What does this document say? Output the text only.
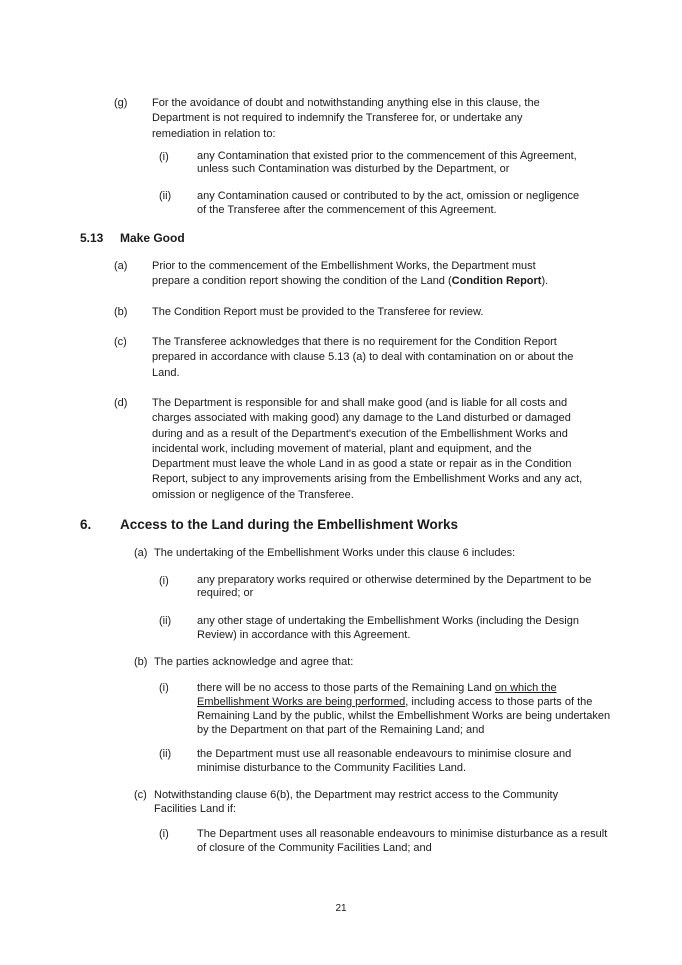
(g) For the avoidance of doubt and notwithstanding anything else in this clause, the Department is not required to indemnify the Transferee for, or undertake any remediation in relation to:

(i)	any Contamination that existed prior to the commencement of this Agreement, unless such Contamination was disturbed by the Department, or

(ii) any Contamination caused or contributed to by the act, omission or negligence of the Transferee after the commencement of this Agreement.

5.13 Make Good
(a) Prior to the commencement of the Embellishment Works, the Department must prepare a condition report showing the condition of the Land (Condition Report).

(b) The Condition Report must be provided to the Transferee for review.

(c) The Transferee acknowledges that there is no requirement for the Condition Report prepared in accordance with clause 5.13 (a) to deal with contamination on or about the Land.

(d) The Department is responsible for and shall make good (and is liable for all costs and charges associated with making good) any damage to the Land disturbed or damaged during and as a result of the Department's execution of the Embellishment Works and incidental work, including movement of material, plant and equipment, and the Department must leave the whole Land in as good a state or repair as in the Condition Report, subject to any improvements arising from the Embellishment Works and any act, omission or negligence of the Transferee.

6. Access to the Land during the Embellishment Works
(a) The undertaking of the Embellishment Works under this clause 6 includes:

(i)	any preparatory works required or otherwise determined by the Department to be required; or

(ii) any other stage of undertaking the Embellishment Works (including the Design Review) in accordance with this Agreement.

(b) The parties acknowledge and agree that:

(i)	there will be no access to those parts of the Remaining Land on which the Embellishment Works are being performed, including access to those parts of the Remaining Land by the public, whilst the Embellishment Works are being undertaken by the Department on that part of the Remaining Land; and

(ii) the Department must use all reasonable endeavours to minimise closure and minimise disturbance to the Community Facilities Land.

(c) Notwithstanding clause 6(b), the Department may restrict access to the Community Facilities Land if:

(i)	The Department uses all reasonable endeavours to minimise disturbance as a result of closure of the Community Facilities Land; and

21
